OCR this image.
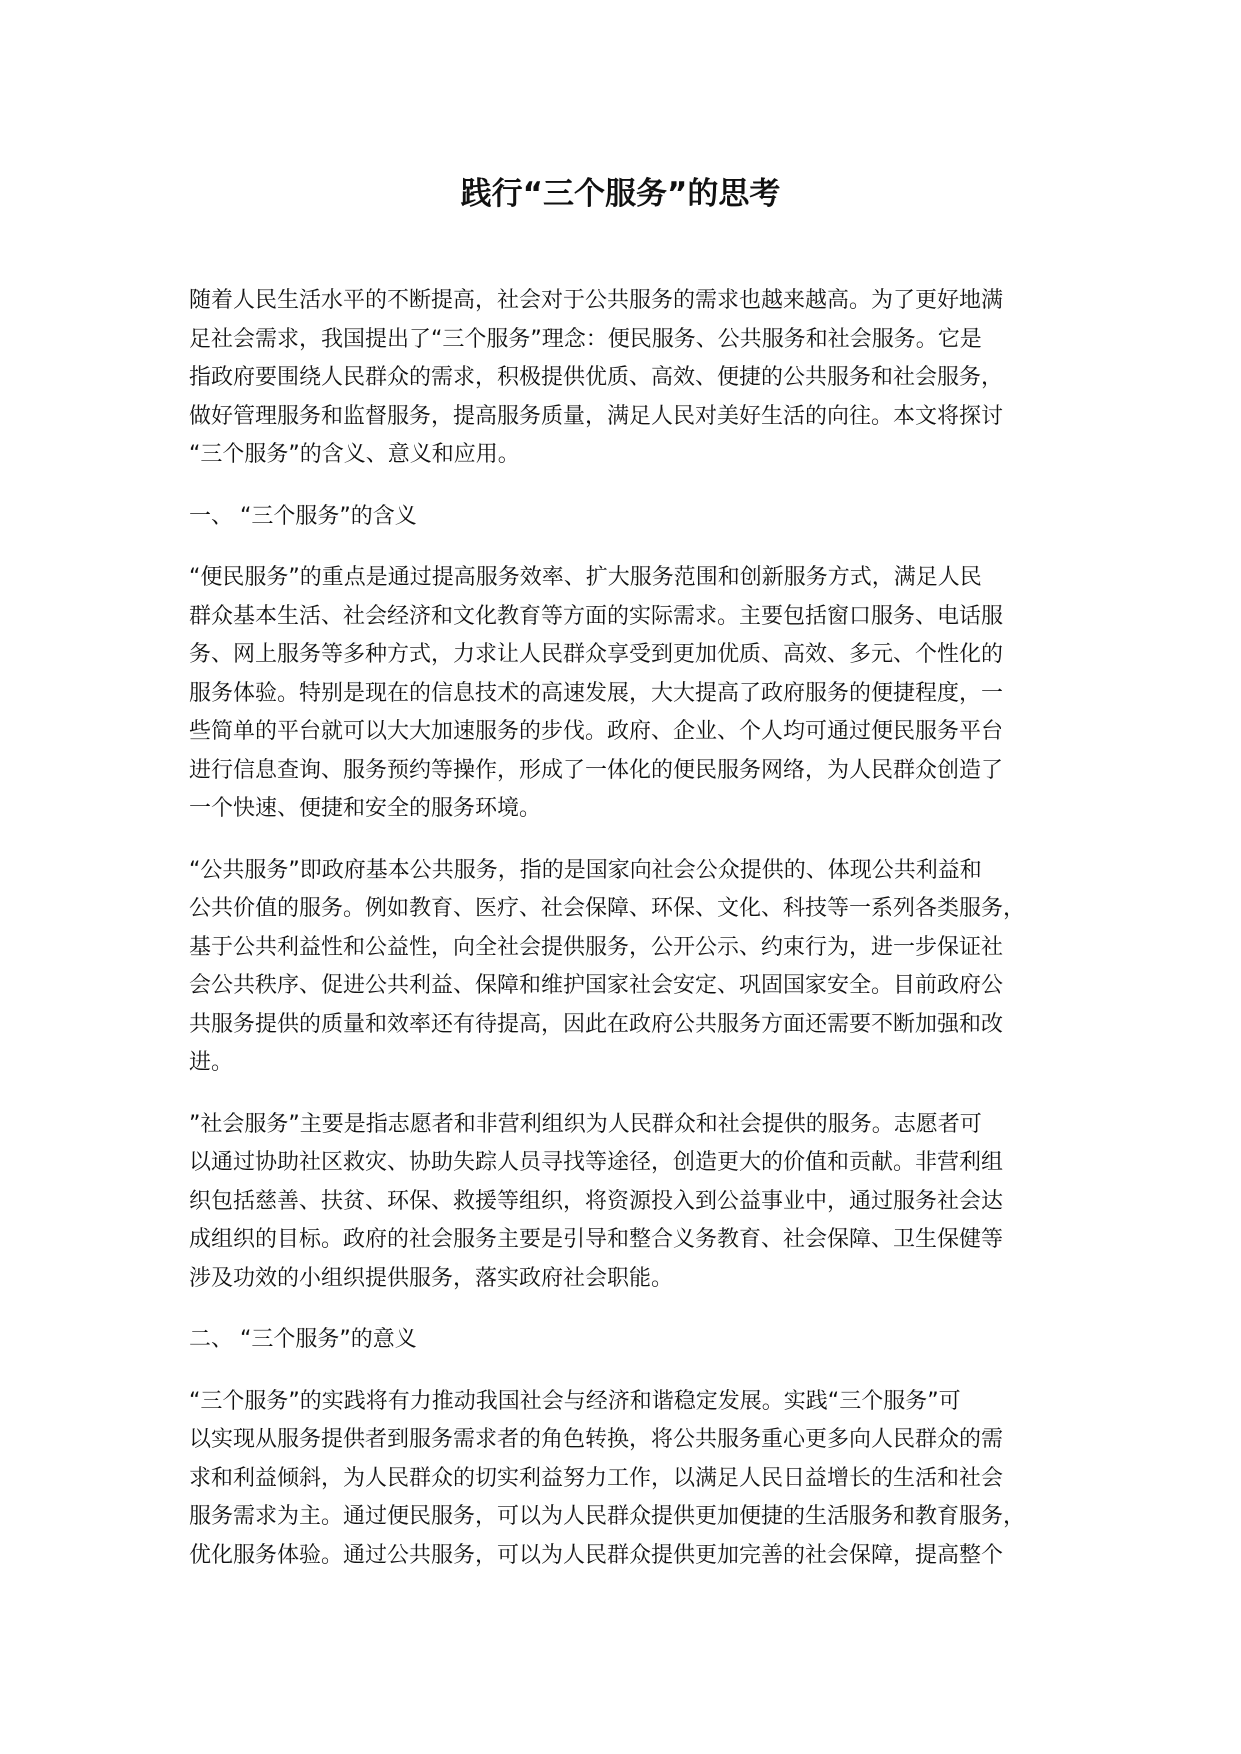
践行“三个服务”的思考

随着人民生活水平的不断提高，社会对于公共服务的需求也越来越高。为了更好地满
足社会需求，我国提出了“三个服务”理念：便民服务、公共服务和社会服务。它是
指政府要围绕人民群众的需求，积极提供优质、高效、便捷的公共服务和社会服务，
做好管理服务和监督服务，提高服务质量，满足人民对美好生活的向往。本文将探讨
“三个服务”的含义、意义和应用。

一、 “三个服务”的含义

“便民服务”的重点是通过提高服务效率、扩大服务范围和创新服务方式，满足人民
群众基本生活、社会经济和文化教育等方面的实际需求。主要包括窗口服务、电话服
务、网上服务等多种方式，力求让人民群众享受到更加优质、高效、多元、个性化的
服务体验。特别是现在的信息技术的高速发展，大大提高了政府服务的便捷程度，一
些简单的平台就可以大大加速服务的步伐。政府、企业、个人均可通过便民服务平台
进行信息查询、服务预约等操作，形成了一体化的便民服务网络，为人民群众创造了
一个快速、便捷和安全的服务环境。

“公共服务”即政府基本公共服务，指的是国家向社会公众提供的、体现公共利益和
公共价值的服务。例如教育、医疗、社会保障、环保、文化、科技等一系列各类服务，
基于公共利益性和公益性，向全社会提供服务，公开公示、约束行为，进一步保证社
会公共秩序、促进公共利益、保障和维护国家社会安定、巩固国家安全。目前政府公
共服务提供的质量和效率还有待提高，因此在政府公共服务方面还需要不断加强和改
进。

”社会服务”主要是指志愿者和非营利组织为人民群众和社会提供的服务。志愿者可
以通过协助社区救灾、协助失踪人员寻找等途径，创造更大的价值和贡献。非营利组
织包括慈善、扶贫、环保、救援等组织，将资源投入到公益事业中，通过服务社会达
成组织的目标。政府的社会服务主要是引导和整合义务教育、社会保障、卫生保健等
涉及功效的小组织提供服务，落实政府社会职能。

二、 “三个服务”的意义

“三个服务”的实践将有力推动我国社会与经济和谐稳定发展。实践“三个服务”可
以实现从服务提供者到服务需求者的角色转换，将公共服务重心更多向人民群众的需
求和利益倾斜，为人民群众的切实利益努力工作，以满足人民日益增长的生活和社会
服务需求为主。通过便民服务，可以为人民群众提供更加便捷的生活服务和教育服务，
优化服务体验。通过公共服务，可以为人民群众提供更加完善的社会保障，提高整个
